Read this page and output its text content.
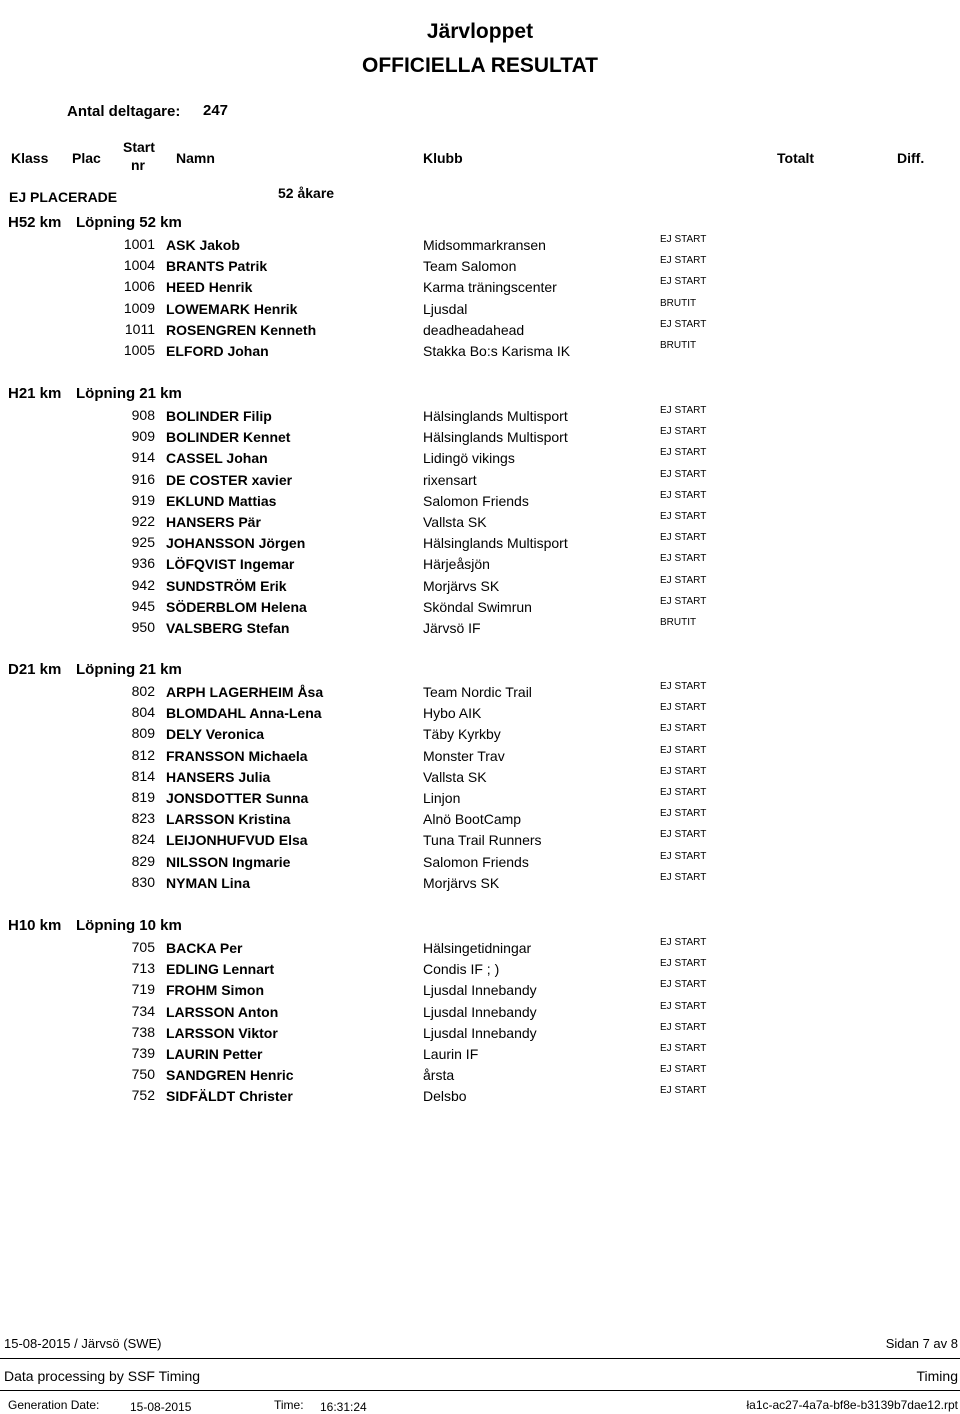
Järvloppet
OFFICIELLA RESULTAT
Antal deltagare: 247
Klass Plac
Start
nr Namn	Klubb	Totalt	Diff.
EJ PLACERADE	52 åkare
H52 km Löpning 52 km
1001 ASK Jakob	Midsommarkransen	EJ START
1004 BRANTS Patrik	Team Salomon	EJ START
1006 HEED Henrik	Karma träningscenter	EJ START
1009 LOWEMARK Henrik	Ljusdal	BRUTIT
1011 ROSENGREN Kenneth	deadheadahead	EJ START
1005 ELFORD Johan	Stakka Bo:s Karisma IK	BRUTIT
H21 km Löpning 21 km
908 BOLINDER Filip	Hälsinglands Multisport	EJ START
909 BOLINDER Kennet	Hälsinglands Multisport	EJ START
914 CASSEL Johan	Lidingö vikings	EJ START
916 DE COSTER xavier	rixensart	EJ START
919 EKLUND Mattias	Salomon Friends	EJ START
922 HANSERS Pär	Vallsta SK	EJ START
925 JOHANSSON Jörgen	Hälsinglands Multisport	EJ START
936 LÖFQVIST Ingemar	Härjeåsjön	EJ START
942 SUNDSTRÖM Erik	Morjärvs SK	EJ START
945 SÖDERBLOM Helena	Sköndal Swimrun	EJ START
950 VALSBERG Stefan	Järvsö IF	BRUTIT
D21 km Löpning 21 km
802 ARPH LAGERHEIM Åsa	Team Nordic Trail	EJ START
804 BLOMDAHL Anna-Lena	Hybo AIK	EJ START
809 DELY Veronica	Täby Kyrkby	EJ START
812 FRANSSON Michaela	Monster Trav	EJ START
814 HANSERS Julia	Vallsta SK	EJ START
819 JONSDOTTER Sunna	Linjon	EJ START
823 LARSSON Kristina	Alnö BootCamp	EJ START
824 LEIJONHUFVUD Elsa	Tuna Trail Runners	EJ START
829 NILSSON Ingmarie	Salomon Friends	EJ START
830 NYMAN Lina	Morjärvs SK	EJ START
H10 km Löpning 10 km
705 BACKA Per	Hälsingetidningar	EJ START
713 EDLING Lennart	Condis IF ; )	EJ START
719 FROHM Simon	Ljusdal Innebandy	EJ START
734 LARSSON Anton	Ljusdal Innebandy	EJ START
738 LARSSON Viktor	Ljusdal Innebandy	EJ START
739 LAURIN Petter	Laurin IF	EJ START
750 SANDGREN Henric	årsta	EJ START
752 SIDFÄLDT Christer	Delsbo	EJ START
15-08-2015 / Järvsö (SWE)	Sidan 7 av 8
Data processing by SSF Timing	Timing
Generation Date:	15-08-2015	Time: 16:31:24	ła1c-ac27-4a7a-bf8e-b3139b7dae12.rpt
